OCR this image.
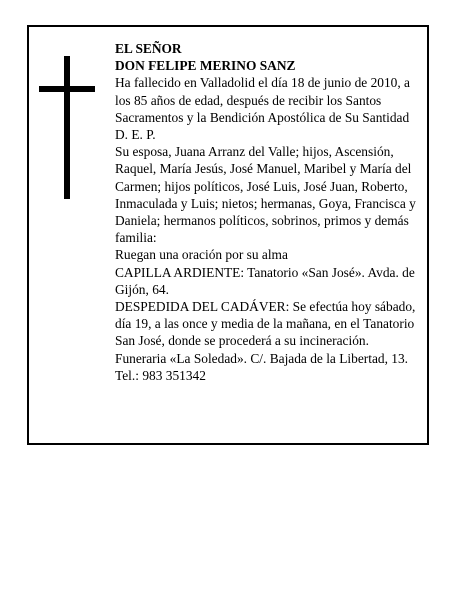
EL SEÑOR

DON FELIPE MERINO SANZ

Ha fallecido en Valladolid el día 18 de junio de 2010, a los 85 años de edad, después de recibir los Santos Sacramentos y la Bendición Apostólica de Su Santidad

D. E. P.

Su esposa, Juana Arranz del Valle; hijos, Ascensión, Raquel, María Jesús, José Manuel, Maribel y María del Carmen; hijos políticos, José Luis, José Juan, Roberto, Inmaculada y Luis; nietos; hermanas, Goya, Francisca y Daniela; hermanos políticos, sobrinos, primos y demás familia:

Ruegan una oración por su alma

CAPILLA ARDIENTE: Tanatorio «San José». Avda. de Gijón, 64.

DESPEDIDA DEL CADÁVER: Se efectúa hoy sábado, día 19, a las once y media de la mañana, en el Tanatorio San José, donde se procederá a su incineración.

Funeraria «La Soledad». C/. Bajada de la Libertad, 13. Tel.: 983 351342
